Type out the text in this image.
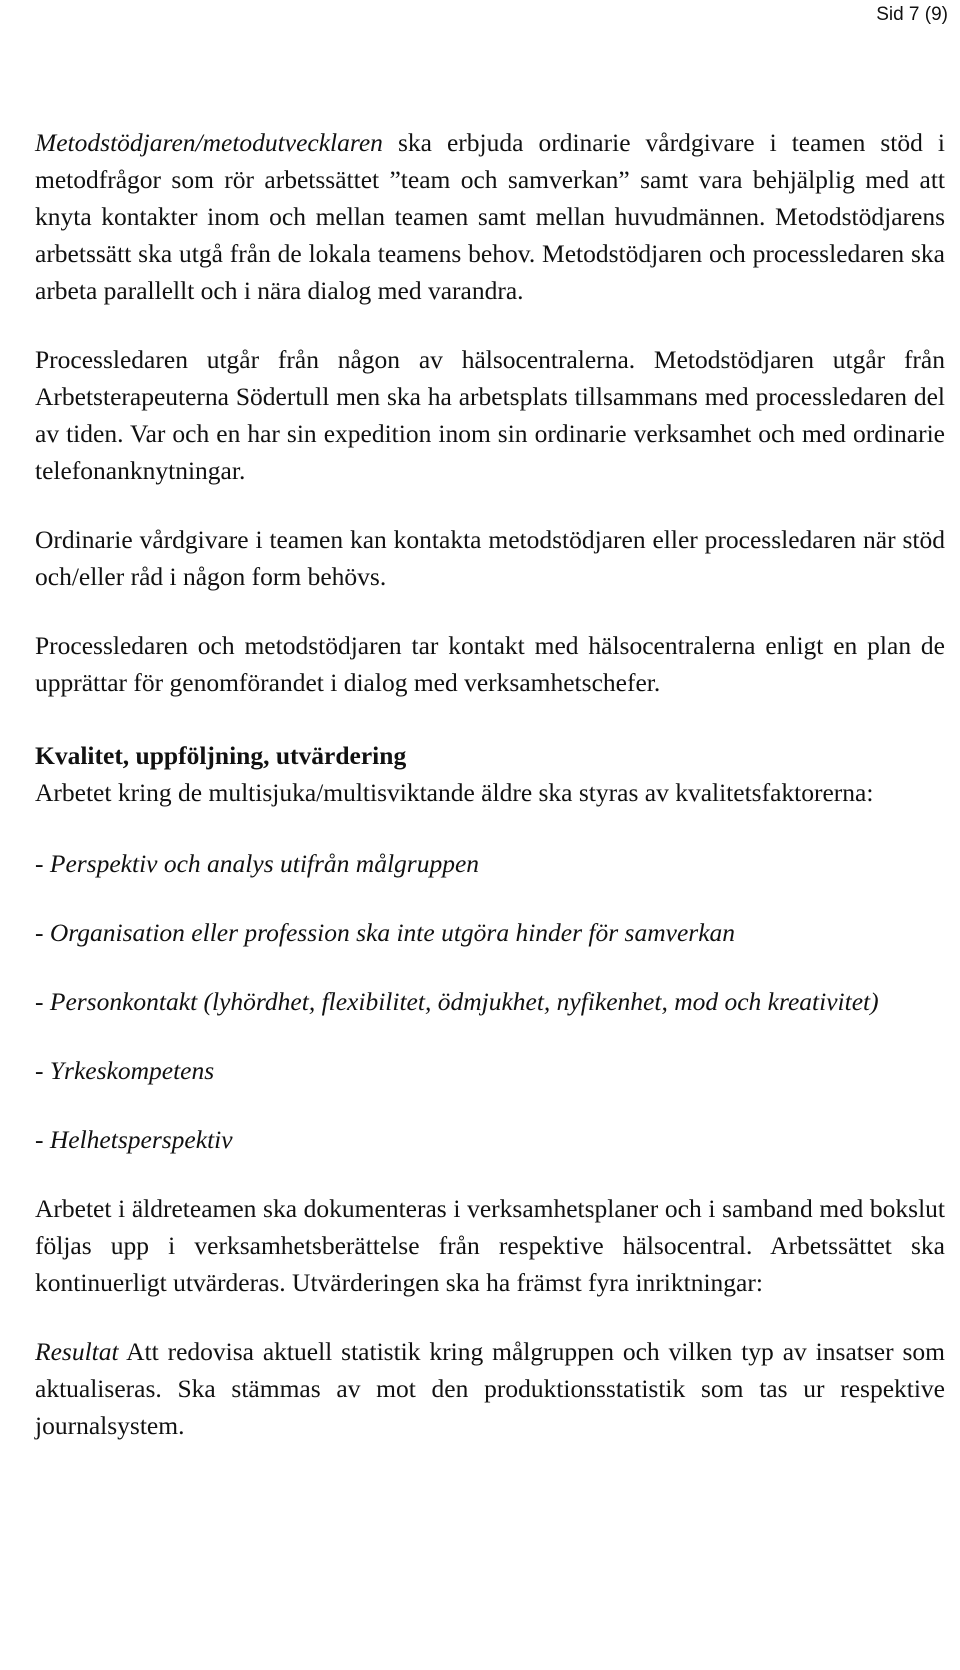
Sid 7 (9)

Metodstödjaren/metodutvecklaren ska erbjuda ordinarie vårdgivare i teamen stöd i metodfrågor som rör arbetssättet ”team och samverkan” samt vara behjälplig med att knyta kontakter inom och mellan teamen samt mellan huvudmännen. Metodstödjarens arbetssätt ska utgå från de lokala teamens behov. Metodstödjaren och processledaren ska arbeta parallellt och i nära dialog med varandra.

Processledaren utgår från någon av hälsocentralerna. Metodstödjaren utgår från Arbetsterapeuterna Södertull men ska ha arbetsplats tillsammans med processledaren del av tiden. Var och en har sin expedition inom sin ordinarie verksamhet och med ordinarie telefonanknytningar.

Ordinarie vårdgivare i teamen kan kontakta metodstödjaren eller processledaren när stöd och/eller råd i någon form behövs.

Processledaren och metodstödjaren tar kontakt med hälsocentralerna enligt en plan de upprättar för genomförandet i dialog med verksamhetschefer.

Kvalitet, uppföljning, utvärdering

Arbetet kring de multisjuka/multisviktande äldre ska styras av kvalitetsfaktorerna:

- Perspektiv och analys utifrån målgruppen

- Organisation eller profession ska inte utgöra hinder för samverkan

- Personkontakt (lyhördhet, flexibilitet, ödmjukhet, nyfikenhet, mod och kreativitet)

- Yrkeskompetens

- Helhetsperspektiv

Arbetet i äldreteamen ska dokumenteras i verksamhetsplaner och i samband med bokslut följas upp i verksamhetsberättelse från respektive hälsocentral. Arbetssättet ska kontinuerligt utvärderas. Utvärderingen ska ha främst fyra inriktningar:

Resultat Att redovisa aktuell statistik kring målgruppen och vilken typ av insatser som aktualiseras. Ska stämmas av mot den produktionsstatistik som tas ur respektive journalsystem.
